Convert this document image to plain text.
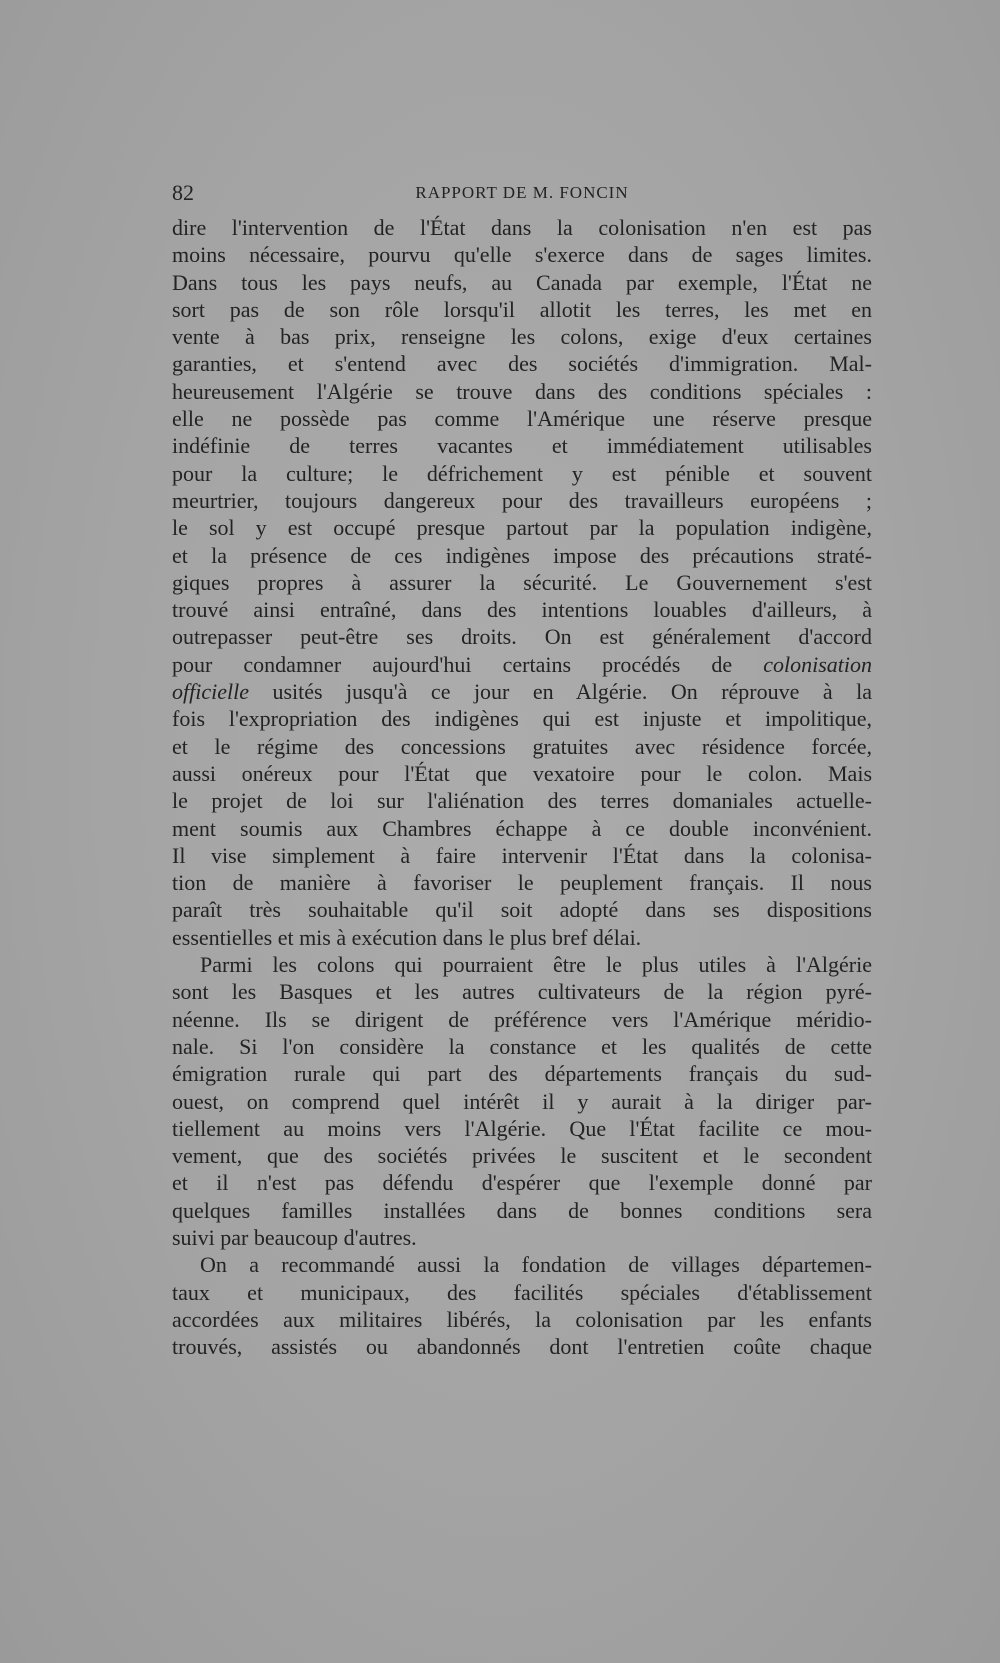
82	RAPPORT DE M. FONCIN
dire l'intervention de l'État dans la colonisation n'en est pas
moins nécessaire, pourvu qu'elle s'exerce dans de sages limites.
Dans tous les pays neufs, au Canada par exemple, l'État ne
sort pas de son rôle lorsqu'il allotit les terres, les met en
vente à bas prix, renseigne les colons, exige d'eux certaines
garanties, et s'entend avec des sociétés d'immigration. Mal-
heureusement l'Algérie se trouve dans des conditions spéciales :
elle ne possède pas comme l'Amérique une réserve presque
indéfinie de terres vacantes et immédiatement utilisables
pour la culture; le défrichement y est pénible et souvent
meurtrier, toujours dangereux pour des travailleurs européens ;
le sol y est occupé presque partout par la population indigène,
et la présence de ces indigènes impose des précautions straté-
giques propres à assurer la sécurité. Le Gouvernement s'est
trouvé ainsi entraîné, dans des intentions louables d'ailleurs, à
outrepasser peut-être ses droits. On est généralement d'accord
pour condamner aujourd'hui certains procédés de colonisation
officielle usités jusqu'à ce jour en Algérie. On réprouve à la
fois l'expropriation des indigènes qui est injuste et impolitique,
et le régime des concessions gratuites avec résidence forcée,
aussi onéreux pour l'État que vexatoire pour le colon. Mais
le projet de loi sur l'aliénation des terres domaniales actuelle-
ment soumis aux Chambres échappe à ce double inconvénient.
Il vise simplement à faire intervenir l'État dans la colonisa-
tion de manière à favoriser le peuplement français. Il nous
paraît très souhaitable qu'il soit adopté dans ses dispositions
essentielles et mis à exécution dans le plus bref délai.
Parmi les colons qui pourraient être le plus utiles à l'Algérie
sont les Basques et les autres cultivateurs de la région pyré-
néenne. Ils se dirigent de préférence vers l'Amérique méridio-
nale. Si l'on considère la constance et les qualités de cette
émigration rurale qui part des départements français du sud-
ouest, on comprend quel intérêt il y aurait à la diriger par-
tiellement au moins vers l'Algérie. Que l'État facilite ce mou-
vement, que des sociétés privées le suscitent et le secondent
et il n'est pas défendu d'espérer que l'exemple donné par
quelques familles installées dans de bonnes conditions sera
suivi par beaucoup d'autres.
On a recommandé aussi la fondation de villages départemen-
taux et municipaux, des facilités spéciales d'établissement
accordées aux militaires libérés, la colonisation par les enfants
trouvés, assistés ou abandonnés dont l'entretien coûte chaque
